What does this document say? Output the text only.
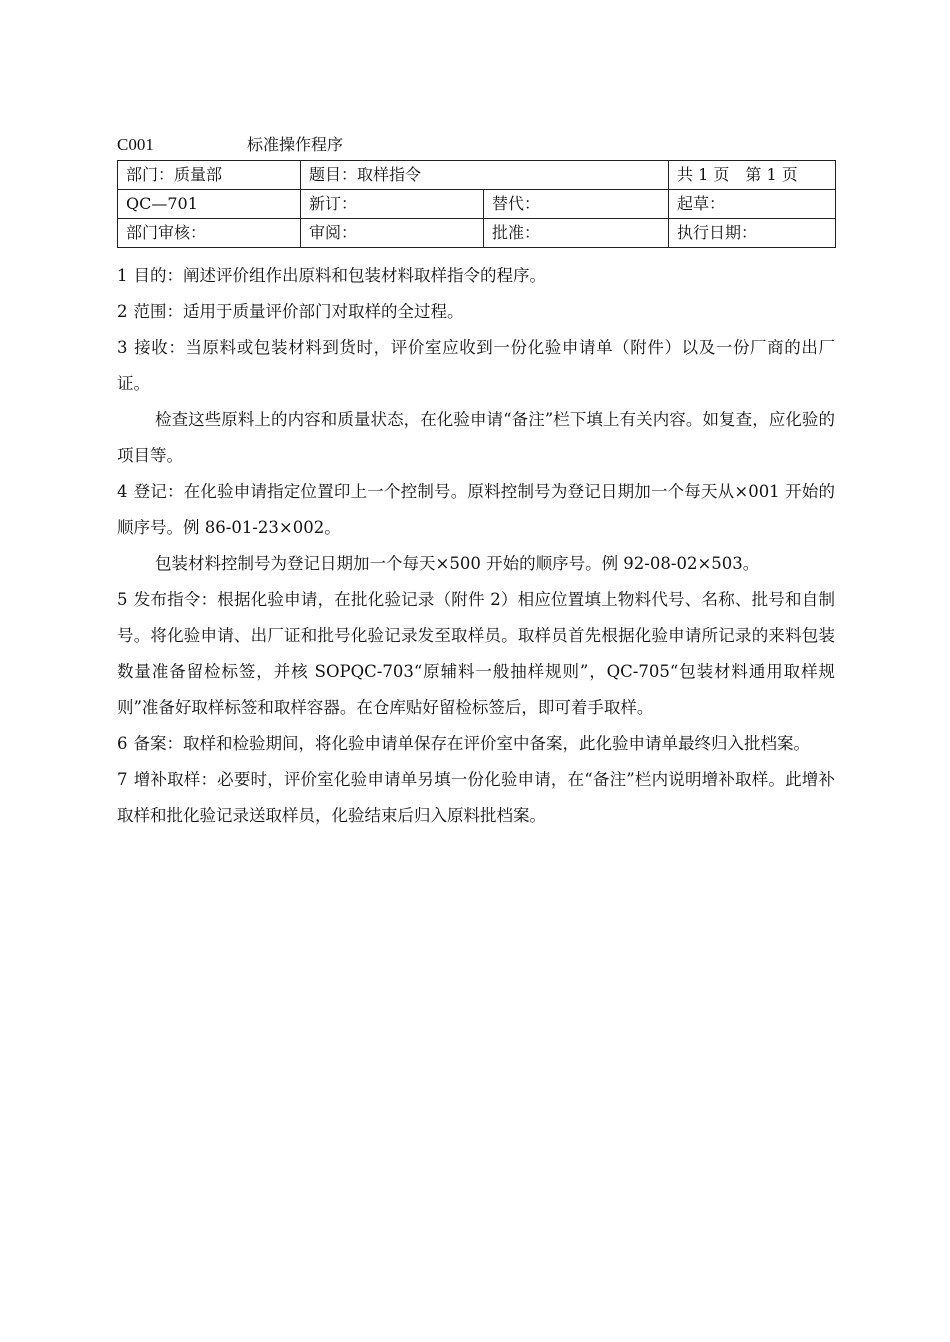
C001	标准操作程序
部门：质量部	题目：取样指令		共 1 页　第 1 页
QC—701	新订：	替代：	起草：
部门审核：	审阅：	批准：	执行日期：

1 目的：阐述评价组作出原料和包装材料取样指令的程序。

2 范围：适用于质量评价部门对取样的全过程。

3 接收：当原料或包装材料到货时，评价室应收到一份化验申请单（附件）以及一份厂商的出厂证。

检查这些原料上的内容和质量状态，在化验申请“备注”栏下填上有关内容。如复查，应化验的项目等。

4 登记：在化验申请指定位置印上一个控制号。原料控制号为登记日期加一个每天从×001 开始的顺序号。例 86-01-23×002。

包装材料控制号为登记日期加一个每天×500 开始的顺序号。例 92-08-02×503。

5 发布指令：根据化验申请，在批化验记录（附件 2）相应位置填上物料代号、名称、批号和自制号。将化验申请、出厂证和批号化验记录发至取样员。取样员首先根据化验申请所记录的来料包装数量准备留检标签，并核 SOPQC-703“原辅料一般抽样规则”，QC-705“包装材料通用取样规则”准备好取样标签和取样容器。在仓库贴好留检标签后，即可着手取样。

6 备案：取样和检验期间，将化验申请单保存在评价室中备案，此化验申请单最终归入批档案。

7 增补取样：必要时，评价室化验申请单另填一份化验申请，在“备注”栏内说明增补取样。此增补取样和批化验记录送取样员，化验结束后归入原料批档案。
